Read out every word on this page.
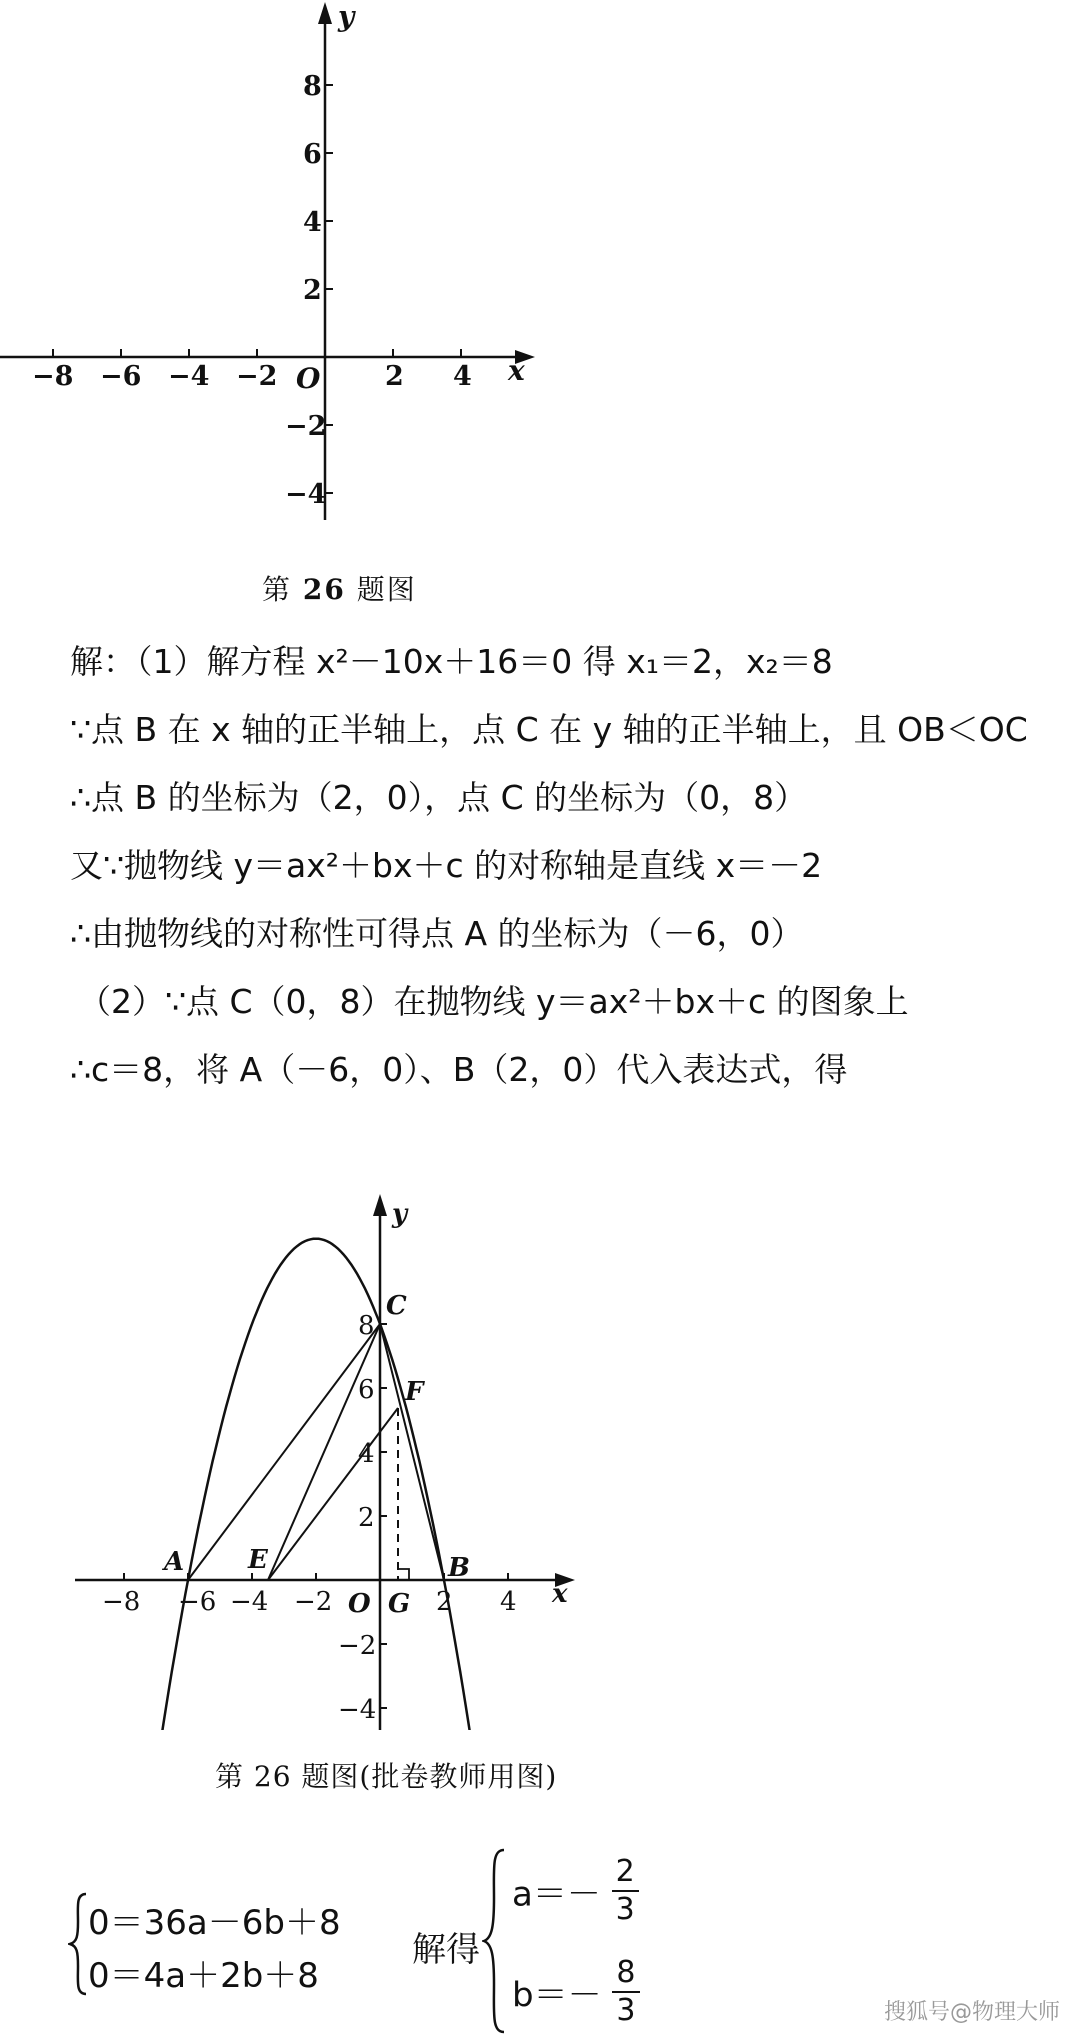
−8 −6 −4 −2	2 4
8
6
4
2
−2
−4
O	x
y
第 26 题图
解：（1）解方程 x²－10x＋16＝0 得 x₁＝2，x₂＝8
∵点 B 在 x 轴的正半轴上，点 C 在 y 轴的正半轴上，且 OB＜OC
∴点 B 的坐标为（2，0），点 C 的坐标为（0，8）
又∵抛物线 y＝ax²＋bx＋c 的对称轴是直线 x＝－2
∴由抛物线的对称性可得点 A 的坐标为（－6，0）
（2）∵点 C（0，8）在抛物线 y＝ax²＋bx＋c 的图象上
∴c＝8，将 A（－6，0）、B（2，0）代入表达式，得
−8 −6 −4 −2	2 4
8
6
4
2
−2
−4
O	x
y
A	B
C
E
F
G
第 26 题图(批卷教师用图)
0＝36a－6b＋8
0＝4a＋2b＋8
解得
$a=- \frac{2}{3}$
$b=- \frac{8}{3}$	搜狐号@物理大师
